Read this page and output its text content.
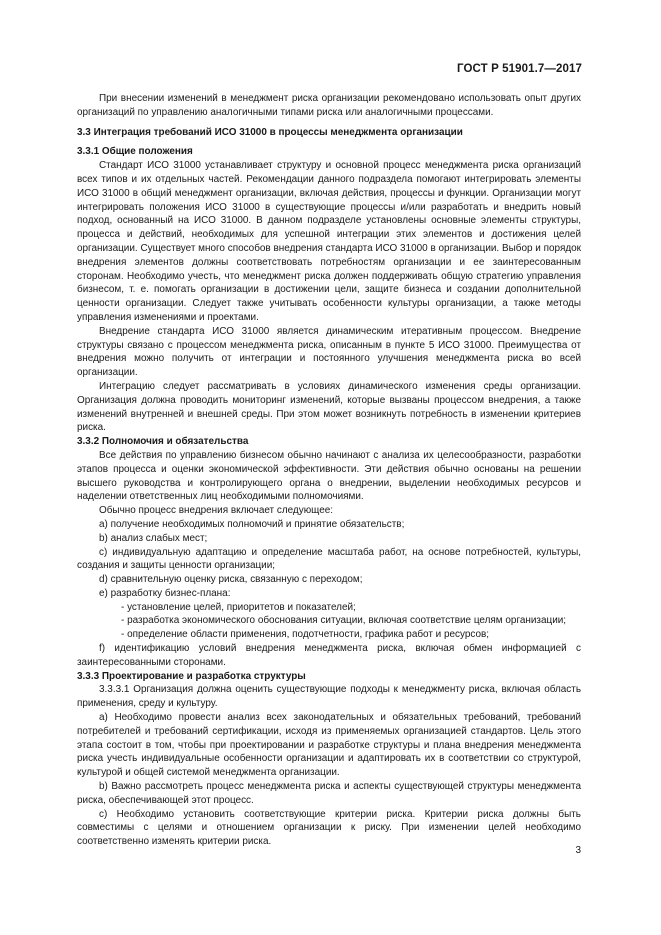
ГОСТ Р 51901.7—2017

При внесении изменений в менеджмент риска организации рекомендовано использовать опыт других организаций по управлению аналогичными типами риска или аналогичными процессами.

3.3 Интеграция требований ИСО 31000 в процессы менеджмента организации

3.3.1 Общие положения

Стандарт ИСО 31000 устанавливает структуру и основной процесс менеджмента риска организаций всех типов и их отдельных частей. Рекомендации данного подраздела помогают интегрировать элементы ИСО 31000 в общий менеджмент организации, включая действия, процессы и функции. Организации могут интегрировать положения ИСО 31000 в существующие процессы и/или разработать и внедрить новый подход, основанный на ИСО 31000. В данном подразделе установлены основные элементы структуры, процесса и действий, необходимых для успешной интеграции этих элементов и достижения целей организации. Существует много способов внедрения стандарта ИСО 31000 в организации. Выбор и порядок внедрения элементов должны соответствовать потребностям организации и ее заинтересованным сторонам. Необходимо учесть, что менеджмент риска должен поддерживать общую стратегию управления бизнесом, т. е. помогать организации в достижении цели, защите бизнеса и создании дополнительной ценности организации. Следует также учитывать особенности культуры организации, а также методы управления изменениями и проектами.

Внедрение стандарта ИСО 31000 является динамическим итеративным процессом. Внедрение структуры связано с процессом менеджмента риска, описанным в пункте 5 ИСО 31000. Преимущества от внедрения можно получить от интеграции и постоянного улучшения менеджмента риска во всей организации.

Интеграцию следует рассматривать в условиях динамического изменения среды организации. Организация должна проводить мониторинг изменений, которые вызваны процессом внедрения, а также изменений внутренней и внешней среды. При этом может возникнуть потребность в изменении критериев риска.

3.3.2 Полномочия и обязательства

Все действия по управлению бизнесом обычно начинают с анализа их целесообразности, разработки этапов процесса и оценки экономической эффективности. Эти действия обычно основаны на решении высшего руководства и контролирующего органа о внедрении, выделении необходимых ресурсов и наделении ответственных лиц необходимыми полномочиями.

Обычно процесс внедрения включает следующее:

а) получение необходимых полномочий и принятие обязательств;

b) анализ слабых мест;

c) индивидуальную адаптацию и определение масштаба работ, на основе потребностей, культуры, создания и защиты ценности организации;

d) сравнительную оценку риска, связанную с переходом;

e) разработку бизнес-плана:

- установление целей, приоритетов и показателей;

- разработка экономического обоснования ситуации, включая соответствие целям организации;

- определение области применения, подотчетности, графика работ и ресурсов;

f) идентификацию условий внедрения менеджмента риска, включая обмен информацией с заинтересованными сторонами.

3.3.3 Проектирование и разработка структуры

3.3.3.1 Организация должна оценить существующие подходы к менеджменту риска, включая область применения, среду и культуру.

а) Необходимо провести анализ всех законодательных и обязательных требований, требований потребителей и требований сертификации, исходя из применяемых организацией стандартов. Цель этого этапа состоит в том, чтобы при проектировании и разработке структуры и плана внедрения менеджмента риска учесть индивидуальные особенности организации и адаптировать их в соответствии со структурой, культурой и общей системой менеджмента организации.

b) Важно рассмотреть процесс менеджмента риска и аспекты существующей структуры менеджмента риска, обеспечивающей этот процесс.

c) Необходимо установить соответствующие критерии риска. Критерии риска должны быть совместимы с целями и отношением организации к риску. При изменении целей необходимо соответственно изменять критерии риска.

3
